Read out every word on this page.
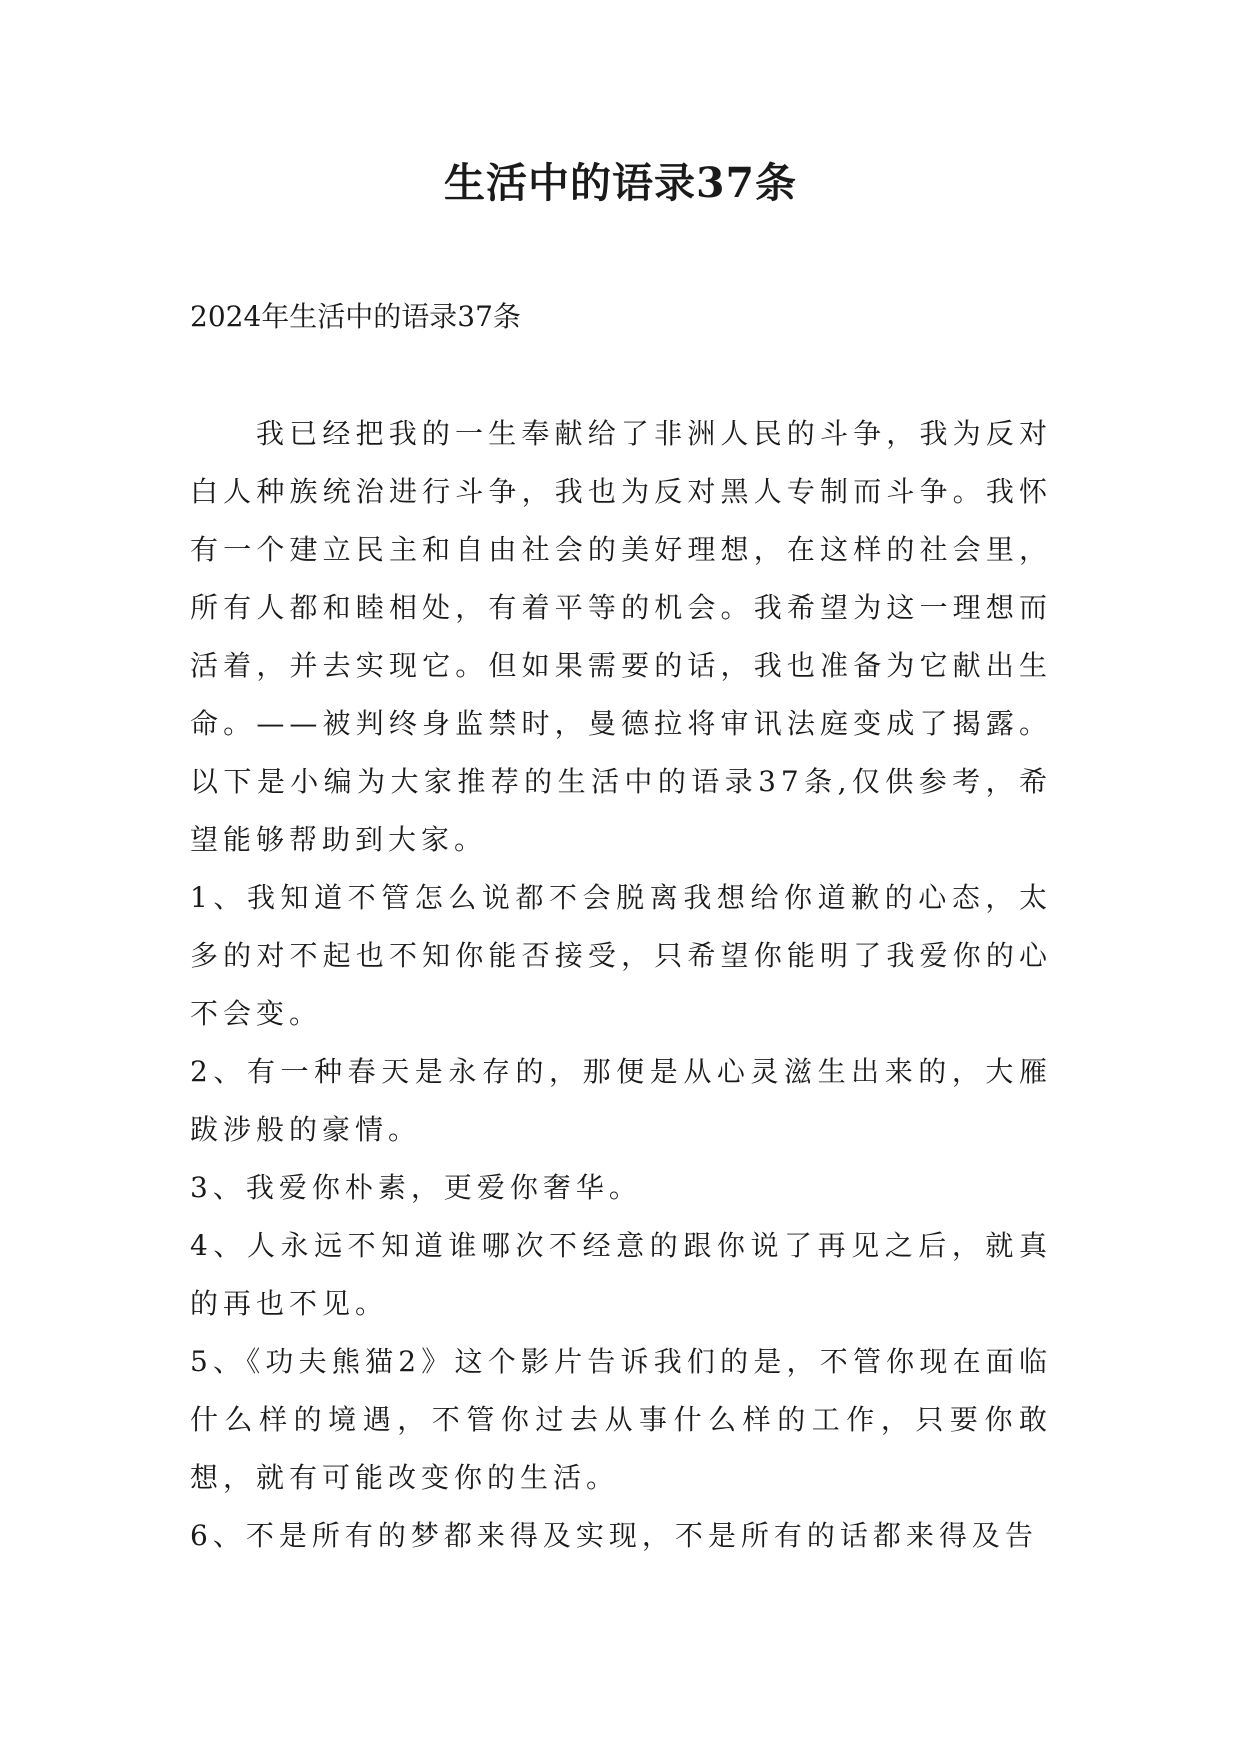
生活中的语录37条

2024年生活中的语录37条

我已经把我的一生奉献给了非洲人民的斗争，我为反对白人种族统治进行斗争，我也为反对黑人专制而斗争。我怀有一个建立民主和自由社会的美好理想，在这样的社会里，所有人都和睦相处，有着平等的机会。我希望为这一理想而活着，并去实现它。但如果需要的话，我也准备为它献出生命。——被判终身监禁时，曼德拉将审讯法庭变成了揭露。以下是小编为大家推荐的生活中的语录37条,仅供参考，希望能够帮助到大家。

1、我知道不管怎么说都不会脱离我想给你道歉的心态，太多的对不起也不知你能否接受，只希望你能明了我爱你的心不会变。

2、有一种春天是永存的，那便是从心灵滋生出来的，大雁跋涉般的豪情。

3、我爱你朴素，更爱你奢华。

4、人永远不知道谁哪次不经意的跟你说了再见之后，就真的再也不见。

5、《功夫熊猫2》这个影片告诉我们的是，不管你现在面临什么样的境遇，不管你过去从事什么样的工作，只要你敢想，就有可能改变你的生活。

6、不是所有的梦都来得及实现，不是所有的话都来得及告
